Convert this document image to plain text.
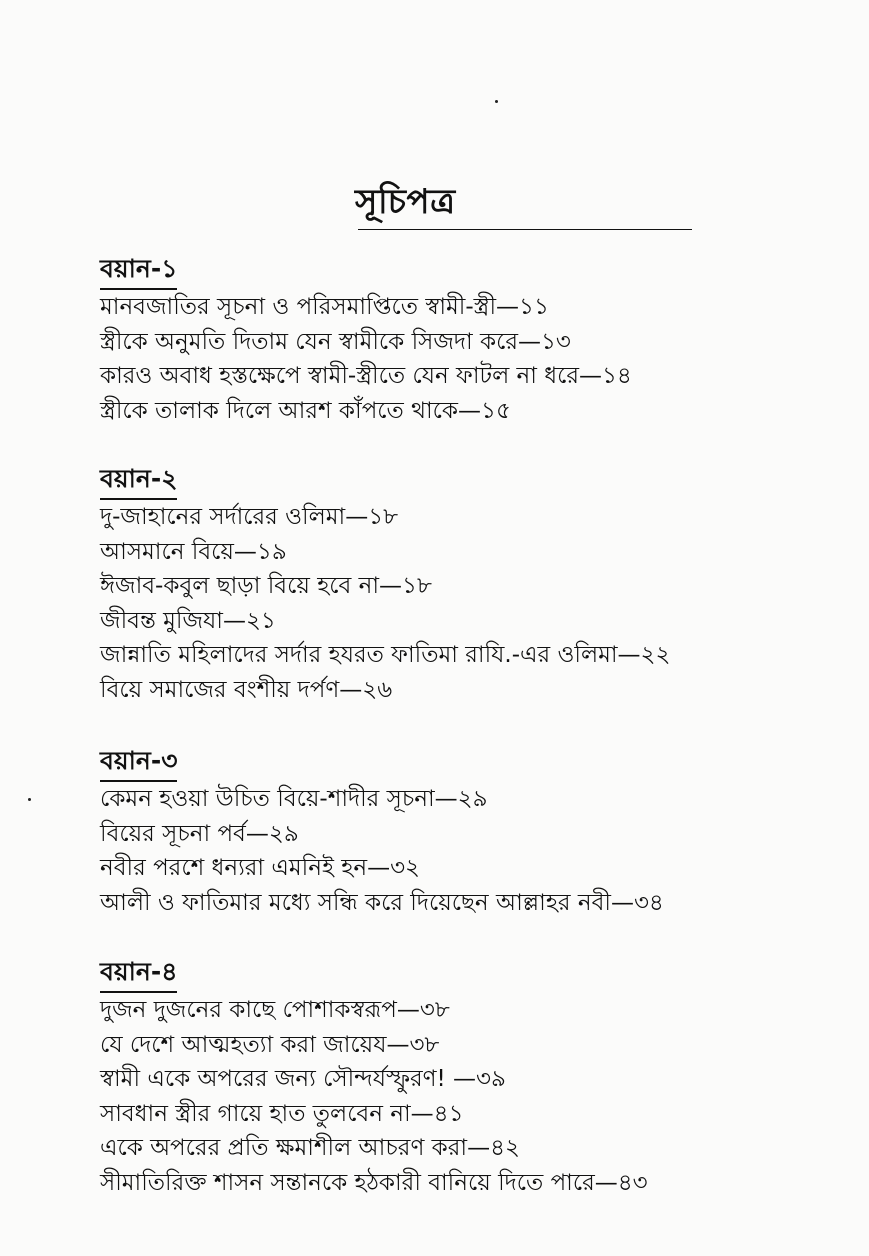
সূচিপত্র
বয়ান-১
মানবজাতির সূচনা ও পরিসমাপ্তিতে স্বামী-স্ত্রী—১১
স্ত্রীকে অনুমতি দিতাম যেন স্বামীকে সিজদা করে—১৩
কারও অবাধ হস্তক্ষেপে স্বামী-স্ত্রীতে যেন ফাটল না ধরে—১৪
স্ত্রীকে তালাক দিলে আরশ কাঁপতে থাকে—১৫
বয়ান-২
দু-জাহানের সর্দারের ওলিমা—১৮
আসমানে বিয়ে—১৯
ঈজাব-কবুল ছাড়া বিয়ে হবে না—১৮
জীবন্ত মুজিযা—২১
জান্নাতি মহিলাদের সর্দার হযরত ফাতিমা রাযি.-এর ওলিমা—২২
বিয়ে সমাজের বংশীয় দর্পণ—২৬
বয়ান-৩
কেমন হওয়া উচিত বিয়ে-শাদীর সূচনা—২৯
বিয়ের সূচনা পর্ব—২৯
নবীর পরশে ধন্যরা এমনিই হন—৩২
আলী ও ফাতিমার মধ্যে সন্ধি করে দিয়েছেন আল্লাহর নবী—৩৪
বয়ান-৪
দুজন দুজনের কাছে পোশাকস্বরূপ—৩৮
যে দেশে আত্মহত্যা করা জায়েয—৩৮
স্বামী একে অপরের জন্য সৌন্দর্যস্ফুরণ! —৩৯
সাবধান স্ত্রীর গায়ে হাত তুলবেন না—৪১
একে অপরের প্রতি ক্ষমাশীল আচরণ করা—৪২
সীমাতিরিক্ত শাসন সন্তানকে হঠকারী বানিয়ে দিতে পারে—৪৩
